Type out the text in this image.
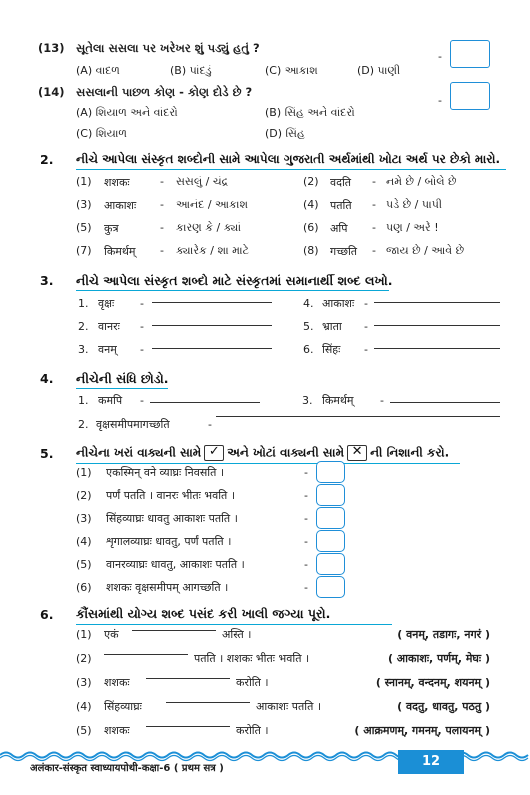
(13) સૂતેલા સસલા પર ખરેખર શું પડ્યું હતું ?
(A) વાદળ	(B) પાંદડું	(C) આકાશ	(D) પાણી
-
(14) સસલાની પાછળ કોણ - કોણ દોડે છે ?
(A) શિયાળ અને વાંદરો	(B) સિંહ અને વાંદરો
(C) શિયાળ	(D) સિંહ
-
2. નીચે આપેલા સંસ્કૃત શબ્દોની સામે આપેલા ગુજરાતી અર્થમાંથી ખોટા અર્થ પર છેકો મારો.
(1) शशकः	- સસલું / ચંદ્ર	(2) वदति - નમે છે / બોલે છે
(3) आकाशः - આનંદ / આકાશ	(4) पतति - પડે છે / પાપી
(5) कुत्र	- કારણ કે / ક્યાં	(6) अपि - પણ / અરે !
(7) किमर्थम् - ક્યારેક / શા માટે	(8) गच्छति - જાય છે / આવે છે
3. નીચે આપેલા સંસ્કૃત શબ્દો માટે સંસ્કૃતમાં સમાનાર્થી શબ્દ લખો.
1. वृक्षः -	4. आकाशः -
2. वानरः -	5. भ्राता -
3. वनम् -	6. सिंहः -
4. નીચેની સંધિ છોડો.
1. कमपि -	3. किमर्थम् -
2. वृक्षसमीपमागच्छति	-
5. નીચેના ખરાં વાક્યની સામે ✓ અને ખોટાં વાક્યની સામે ✕ ની નિશાની કરો.
(1) एकस्मिन् वने व्याघ्रः निवसति ।	-
(2) पर्णं पतति । वानरः भीतः भवति ।	-
(3) सिंहव्याघ्रः धावतु आकाशः पतति ।	-
(4) शृगालव्याघ्रः धावतु, पर्णं पतति ।	-
(5) वानरव्याघ्रः धावतु, आकाशः पतति ।	-
(6) शशकः वृक्षसमीपम् आगच्छति ।	-
6. કૌંસમાંથી યોગ્ય શબ્દ પસંદ કરી ખાલી જગ્યા પૂરો.
(1) एकं	अस्ति ।	( वनम्, तडागः, नगरं )
(2)	पतति । शशकः भीतः भवति ।	( आकाशः, पर्णम्, मेघः )
(3) शशकः	करोति ।	( स्नानम्, वन्दनम्, शयनम् )
(4) सिंहव्याघ्रः	आकाशः पतति ।	( वदतु, धावतु, पठतु )
(5) शशकः	करोति ।	( आक्रमणम्, गमनम्, पलायनम् )
अलंकार-संस्कृत स्वाध्यायपोथी-कक्षा-6 ( प्रथम सत्र )	12
